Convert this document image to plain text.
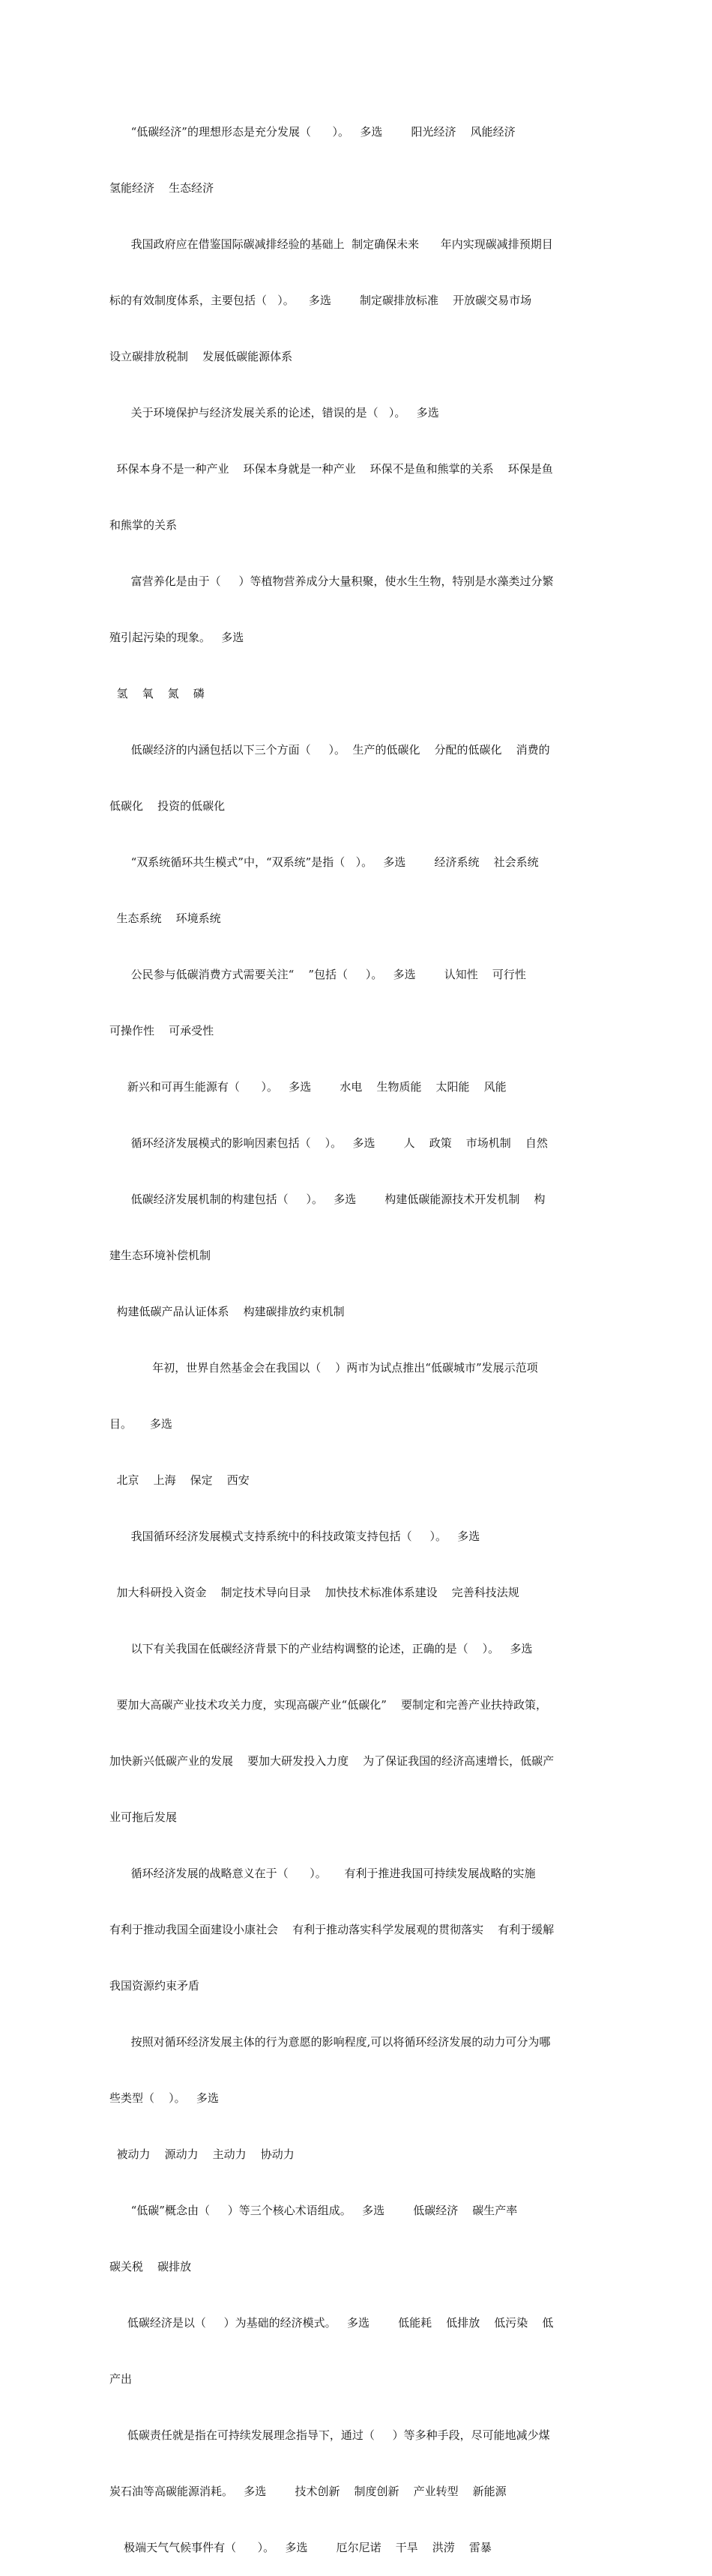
“低碳经济”的理想形态是充分发展（      ）。   多选        阳光经济    风能经济

氢能经济    生态经济

我国政府应在借鉴国际碳减排经验的基础上  制定确保未来      年内实现碳减排预期目

标的有效制度体系，主要包括（   ）。    多选        制定碳排放标准    开放碳交易市场

设立碳排放税制    发展低碳能源体系

关于环境保护与经济发展关系的论述，错误的是（   ）。   多选

环保本身不是一种产业    环保本身就是一种产业    环保不是鱼和熊掌的关系    环保是鱼

和熊掌的关系

富营养化是由于（     ）等植物营养成分大量积聚，使水生生物，特别是水藻类过分繁

殖引起污染的现象。   多选

氢    氧    氮    磷

低碳经济的内涵包括以下三个方面（     ）。  生产的低碳化    分配的低碳化    消费的

低碳化    投资的低碳化

“双系统循环共生模式”中，“双系统”是指（   ）。   多选        经济系统    社会系统

生态系统    环境系统

公民参与低碳消费方式需要关注“    ”包括（     ）。   多选        认知性    可行性

可操作性    可承受性

新兴和可再生能源有（      ）。   多选        水电    生物质能    太阳能    风能

循环经济发展模式的影响因素包括（    ）。   多选        人    政策    市场机制    自然

低碳经济发展机制的构建包括（     ）。   多选        构建低碳能源技术开发机制    构

建生态环境补偿机制

构建低碳产品认证体系    构建碳排放约束机制

年初，世界自然基金会在我国以（    ）两市为试点推出“低碳城市”发展示范项

目。     多选

北京    上海    保定    西安

我国循环经济发展模式支持系统中的科技政策支持包括（     ）。   多选

加大科研投入资金    制定技术导向目录    加快技术标准体系建设    完善科技法规

以下有关我国在低碳经济背景下的产业结构调整的论述，正确的是（    ）。   多选

要加大高碳产业技术攻关力度，实现高碳产业“低碳化”    要制定和完善产业扶持政策，

加快新兴低碳产业的发展    要加大研发投入力度    为了保证我国的经济高速增长，低碳产

业可拖后发展

循环经济发展的战略意义在于（      ）。     有利于推进我国可持续发展战略的实施

有利于推动我国全面建设小康社会    有利于推动落实科学发展观的贯彻落实    有利于缓解

我国资源约束矛盾

按照对循环经济发展主体的行为意愿的影响程度,可以将循环经济发展的动力可分为哪

些类型（    ）。   多选

被动力    源动力    主动力    协动力

“低碳”概念由（     ）等三个核心术语组成。   多选        低碳经济    碳生产率

碳关税    碳排放

低碳经济是以（     ）为基础的经济模式。   多选        低能耗    低排放    低污染    低

产出

低碳责任就是指在可持续发展理念指导下，通过（     ）等多种手段，尽可能地减少煤

炭石油等高碳能源消耗。   多选        技术创新    制度创新    产业转型    新能源

极端天气气候事件有（      ）。   多选        厄尔尼诺    干旱    洪涝    雷暴
